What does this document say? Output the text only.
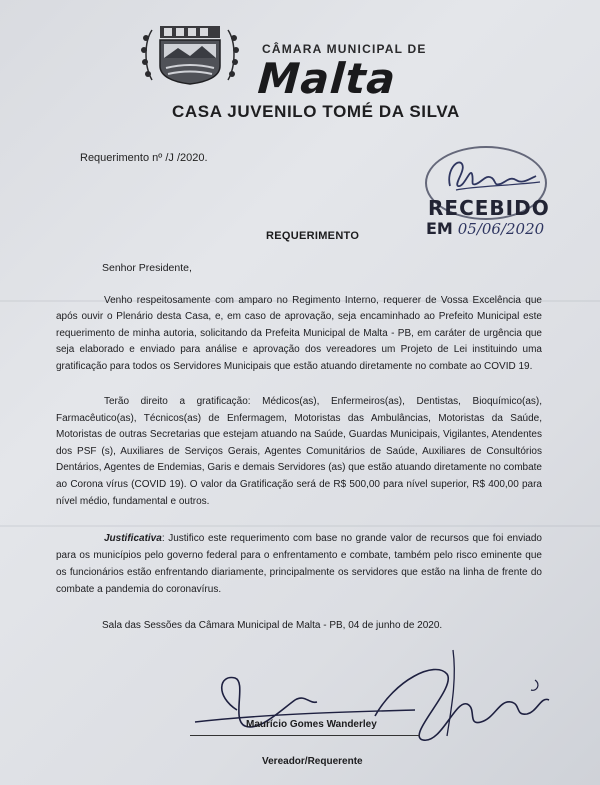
CÂMARA MUNICIPAL DE
Malta
CASA JUVENILO TOMÉ DA SILVA
Requerimento nº /J /2020.
RECEBIDO
EM 05/06/2020
REQUERIMENTO
Senhor Presidente,
Venho respeitosamente com amparo no Regimento Interno, requerer de Vossa Excelência que após ouvir o Plenário desta Casa, e, em caso de aprovação, seja encaminhado ao Prefeito Municipal este requerimento de minha autoria, solicitando da Prefeita Municipal de Malta - PB, em caráter de urgência que seja elaborado e enviado para análise e aprovação dos vereadores um Projeto de Lei instituindo uma gratificação para todos os Servidores Municipais que estão atuando diretamente no combate ao COVID 19.
Terão direito a gratificação: Médicos(as), Enfermeiros(as), Dentistas, Bioquímico(as), Farmacêutico(as), Técnicos(as) de Enfermagem, Motoristas das Ambulâncias, Motoristas da Saúde, Motoristas de outras Secretarias que estejam atuando na Saúde, Guardas Municipais, Vigilantes, Atendentes dos PSF (s), Auxiliares de Serviços Gerais, Agentes Comunitários de Saúde, Auxiliares de Consultórios Dentários, Agentes de Endemias, Garis e demais Servidores (as) que estão atuando diretamente no combate ao Corona vírus (COVID 19). O valor da Gratificação será de R$ 500,00 para nível superior, R$ 400,00 para nível médio, fundamental e outros.
Justificativa: Justifico este requerimento com base no grande valor de recursos que foi enviado para os municípios pelo governo federal para o enfrentamento e combate, também pelo risco eminente que os funcionários estão enfrentando diariamente, principalmente os servidores que estão na linha de frente do combate a pandemia do coronavírus.
Sala das Sessões da Câmara Municipal de Malta - PB, 04 de junho de 2020.
Maurício Gomes Wanderley
Vereador/Requerente
